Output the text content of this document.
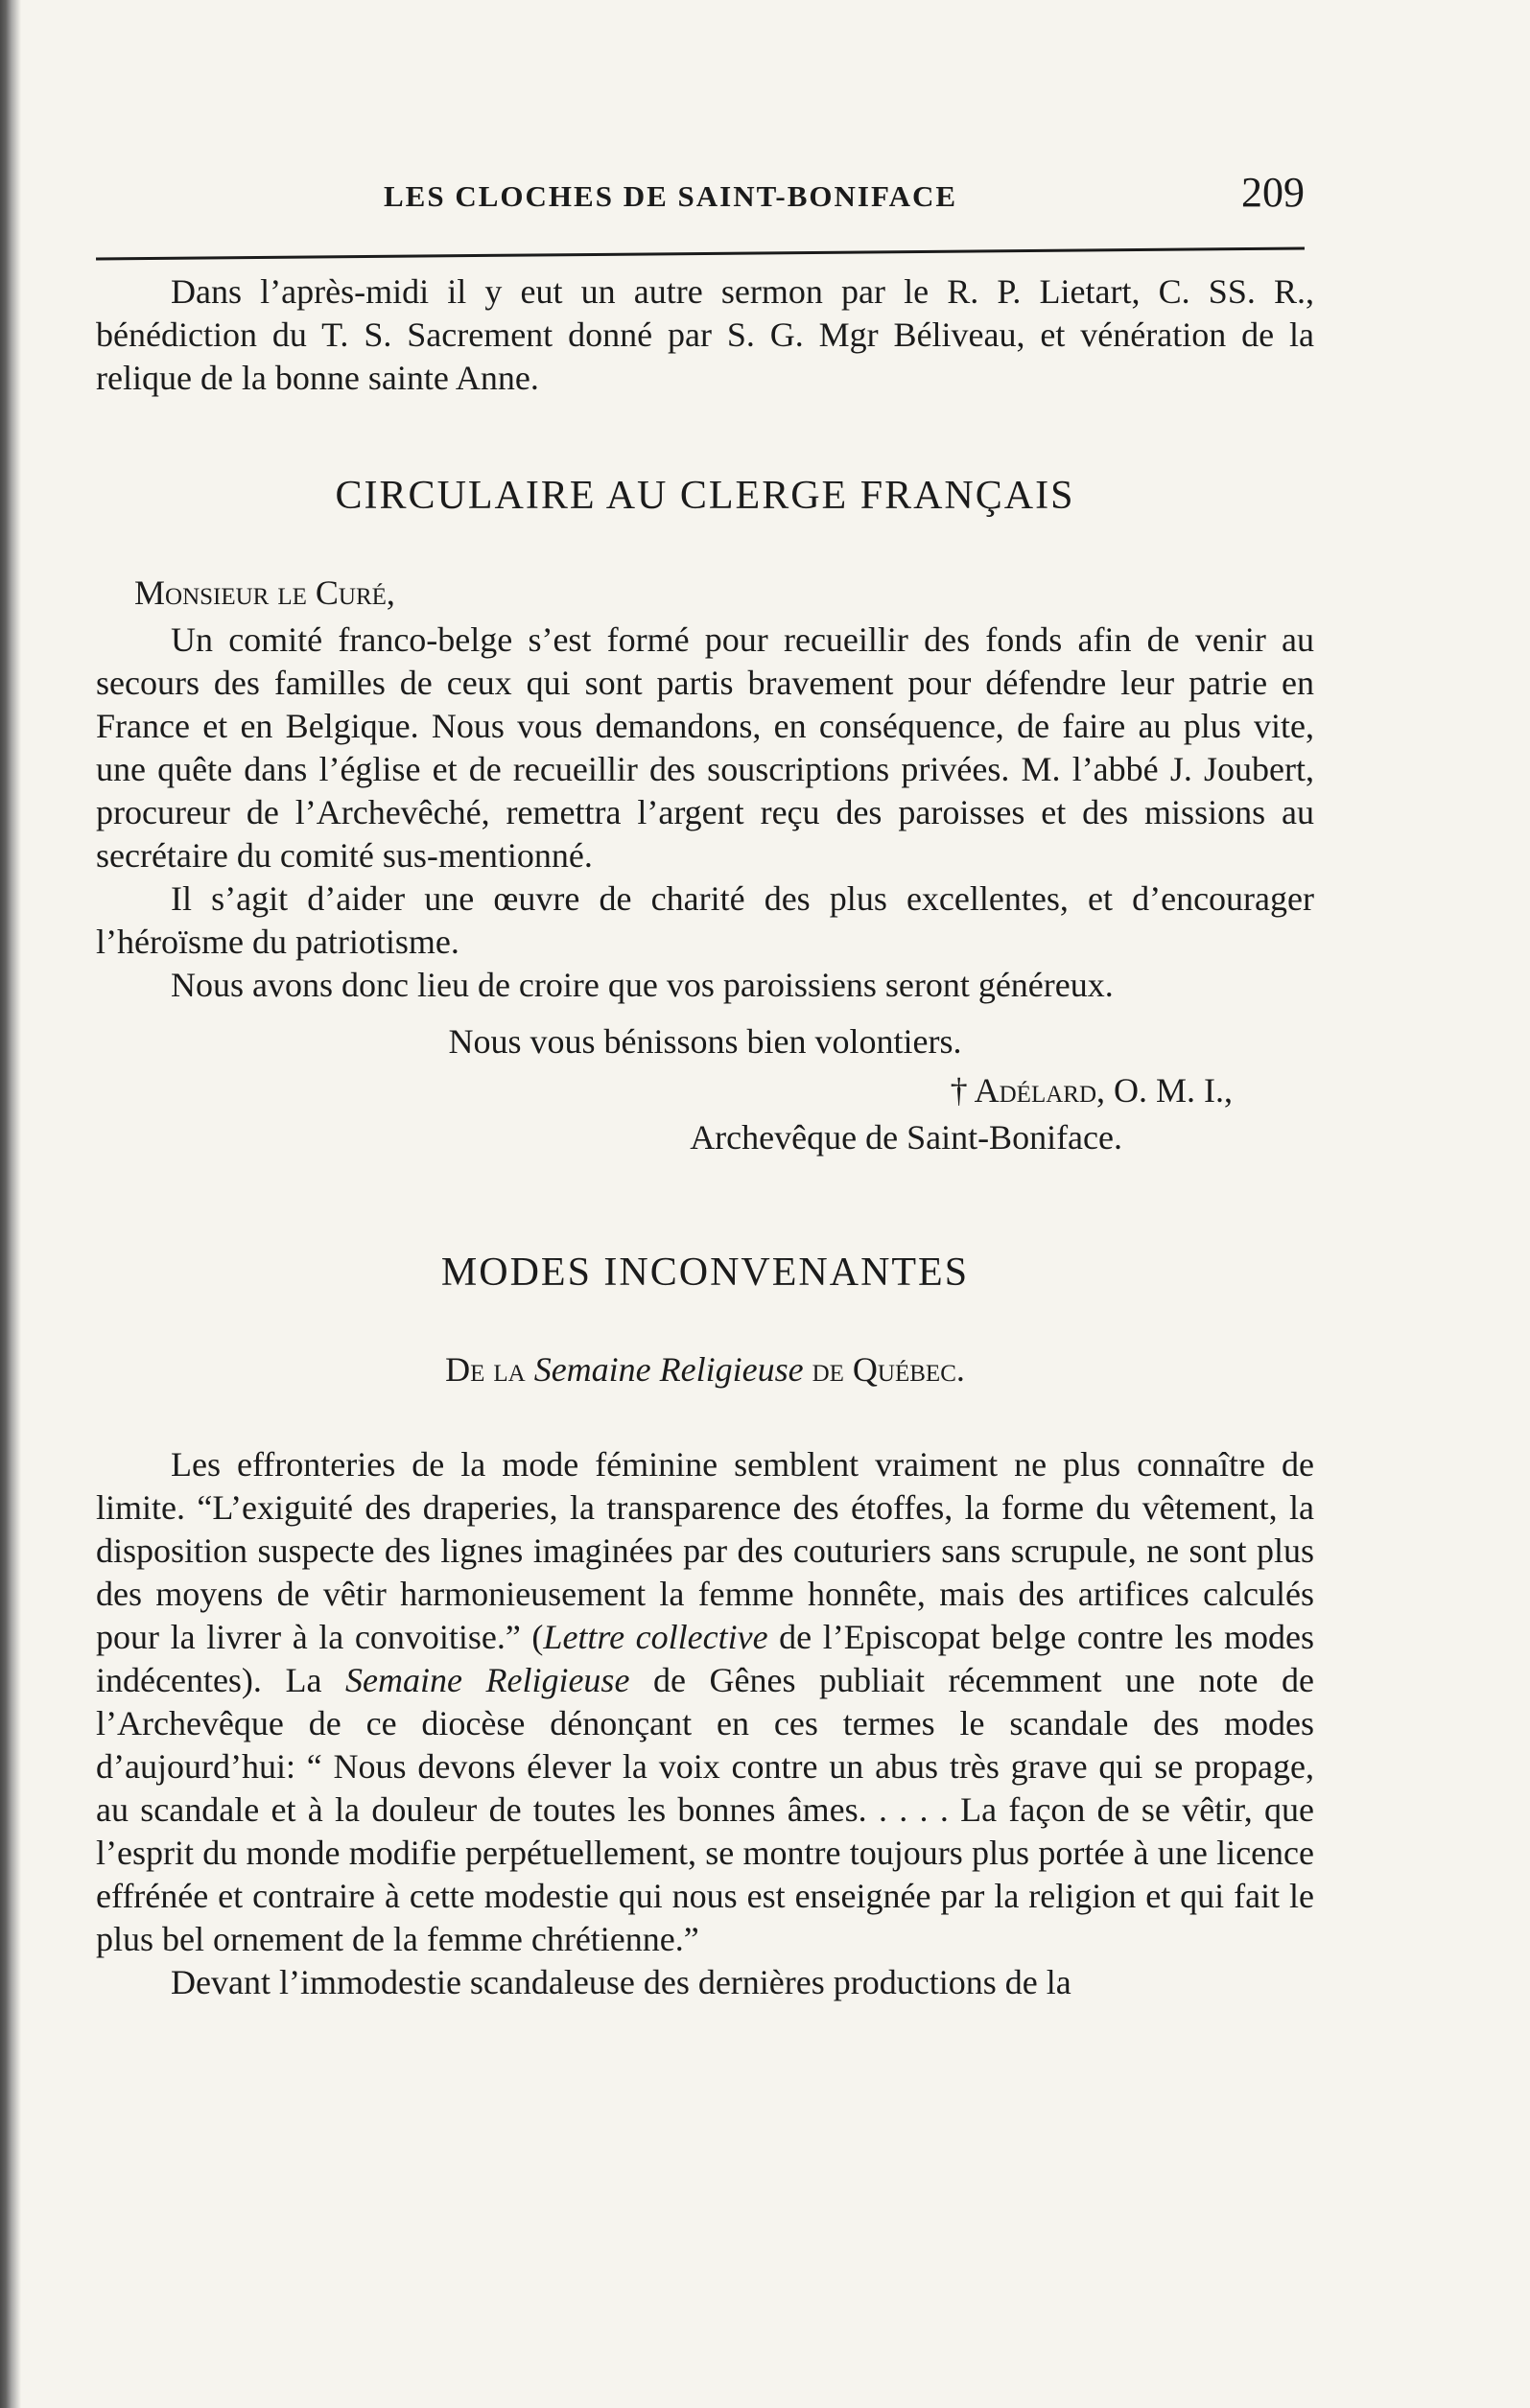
LES CLOCHES DE SAINT-BONIFACE	209

Dans l’après-midi il y eut un autre sermon par le R. P. Lietart, C. SS. R., bénédiction du T. S. Sacrement donné par S. G. Mgr Béliveau, et vénération de la relique de la bonne sainte Anne.

CIRCULAIRE AU CLERGE FRANÇAIS
Monsieur le Curé,

Un comité franco-belge s’est formé pour recueillir des fonds afin de venir au secours des familles de ceux qui sont partis bravement pour défendre leur patrie en France et en Belgique. Nous vous demandons, en conséquence, de faire au plus vite, une quête dans l’église et de recueillir des souscriptions privées. M. l’abbé J. Joubert, procureur de l’Archevêché, remettra l’argent reçu des paroisses et des missions au secrétaire du comité sus-mentionné.

Il s’agit d’aider une œuvre de charité des plus excellentes, et d’encourager l’héroïsme du patriotisme.

Nous avons donc lieu de croire que vos paroissiens seront généreux.

Nous vous bénissons bien volontiers.
† Adélard, O. M. I.,
Archevêque de Saint-Boniface.
MODES INCONVENANTES
De la Semaine Religieuse de Québec.

Les effronteries de la mode féminine semblent vraiment ne plus connaître de limite. “L’exiguité des draperies, la transparence des étoffes, la forme du vêtement, la disposition suspecte des lignes imaginées par des couturiers sans scrupule, ne sont plus des moyens de vêtir harmonieusement la femme honnête, mais des artifices calculés pour la livrer à la convoitise.” (Lettre collective de l’Episcopat belge contre les modes indécentes). La Semaine Religieuse de Gênes publiait récemment une note de l’Archevêque de ce diocèse dénonçant en ces termes le scandale des modes d’aujourd’hui: “ Nous devons élever la voix contre un abus très grave qui se propage, au scandale et à la douleur de toutes les bonnes âmes. . . . . La façon de se vêtir, que l’esprit du monde modifie perpétuellement, se montre toujours plus portée à une licence effrénée et contraire à cette modestie qui nous est enseignée par la religion et qui fait le plus bel ornement de la femme chrétienne.”

Devant l’immodestie scandaleuse des dernières productions de la
